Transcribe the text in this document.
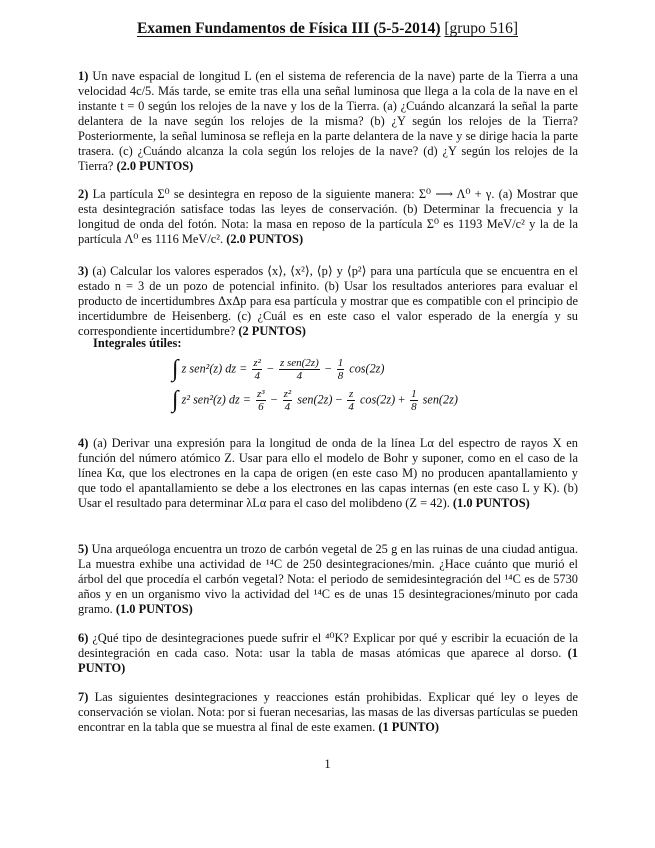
Examen Fundamentos de Física III (5-5-2014) [grupo 516]
1) Un nave espacial de longitud L (en el sistema de referencia de la nave) parte de la Tierra a una velocidad 4c/5. Más tarde, se emite tras ella una señal luminosa que llega a la cola de la nave en el instante t = 0 según los relojes de la nave y los de la Tierra. (a) ¿Cuándo alcanzará la señal la parte delantera de la nave según los relojes de la misma? (b) ¿Y según los relojes de la Tierra? Posteriormente, la señal luminosa se refleja en la parte delantera de la nave y se dirige hacia la parte trasera. (c) ¿Cuándo alcanza la cola según los relojes de la nave? (d) ¿Y según los relojes de la Tierra? (2.0 PUNTOS)
2) La partícula Σ⁰ se desintegra en reposo de la siguiente manera: Σ⁰ ⟶ Λ⁰ + γ. (a) Mostrar que esta desintegración satisface todas las leyes de conservación. (b) Determinar la frecuencia y la longitud de onda del fotón. Nota: la masa en reposo de la partícula Σ⁰ es 1193 MeV/c² y la de la partícula Λ⁰ es 1116 MeV/c². (2.0 PUNTOS)
3) (a) Calcular los valores esperados ⟨x⟩, ⟨x²⟩, ⟨p⟩ y ⟨p²⟩ para una partícula que se encuentra en el estado n = 3 de un pozo de potencial infinito. (b) Usar los resultados anteriores para evaluar el producto de incertidumbres ΔxΔp para esa partícula y mostrar que es compatible con el principio de incertidumbre de Heisenberg. (c) ¿Cuál es en este caso el valor esperado de la energía y su correspondiente incertidumbre? (2 PUNTOS)
Integrales útiles:
∫ z sen²(z) dz = $\frac{\text{z²}}{4} - \frac{\text{z sen(2z)}}{4} - \frac{1}{8} \cos(2z)$
∫ z² sen²(z) dz = $\frac{\text{z³}}{6} - \frac{\text{z²}}{4} sen(2z) - \frac{z}{4} \cos(2z) + \frac{1}{8} sen(2z)$
4) (a) Derivar una expresión para la longitud de onda de la línea Lα del espectro de rayos X en función del número atómico Z. Usar para ello el modelo de Bohr y suponer, como en el caso de la línea Kα, que los electrones en la capa de origen (en este caso M) no producen apantallamiento y que todo el apantallamiento se debe a los electrones en las capas internas (en este caso L y K). (b) Usar el resultado para determinar λLα para el caso del molibdeno (Z = 42). (1.0 PUNTOS)
5) Una arqueóloga encuentra un trozo de carbón vegetal de 25 g en las ruinas de una ciudad antigua. La muestra exhibe una actividad de ¹⁴C de 250 desintegraciones/min. ¿Hace cuánto que murió el árbol del que procedía el carbón vegetal? Nota: el periodo de semidesintegración del ¹⁴C es de 5730 años y en un organismo vivo la actividad del ¹⁴C es de unas 15 desintegraciones/minuto por cada gramo. (1.0 PUNTOS)
6) ¿Qué tipo de desintegraciones puede sufrir el ⁴⁰K? Explicar por qué y escribir la ecuación de la desintegración en cada caso. Nota: usar la tabla de masas atómicas que aparece al dorso. (1 PUNTO)
7) Las siguientes desintegraciones y reacciones están prohibidas. Explicar qué ley o leyes de conservación se violan. Nota: por si fueran necesarias, las masas de las diversas partículas se pueden encontrar en la tabla que se muestra al final de este examen. (1 PUNTO)
1
